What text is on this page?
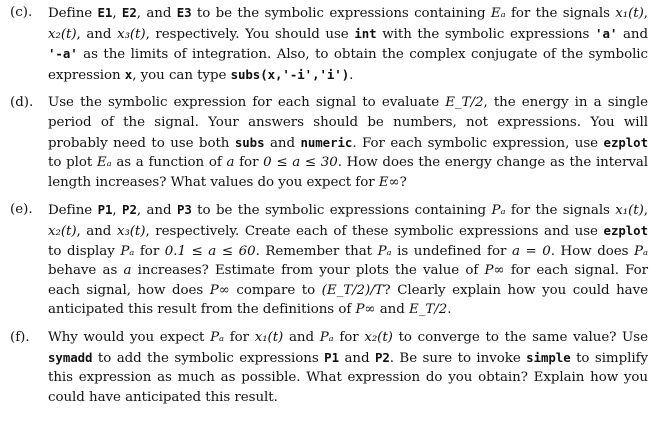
(c).	Define E1, E2, and E3 to be the symbolic expressions containing Eₐ for the signals x₁(t), x₂(t), and x₃(t), respectively. You should use int with the symbolic expressions 'a' and '-a' as the limits of integration. Also, to obtain the complex conjugate of the symbolic expression x, you can type subs(x,'-i','i').
(d).	Use the symbolic expression for each signal to evaluate E_T/2, the energy in a single period of the signal. Your answers should be numbers, not expressions. You will probably need to use both subs and numeric. For each symbolic expression, use ezplot to plot Eₐ as a function of a for 0 ≤ a ≤ 30. How does the energy change as the interval length increases? What values do you expect for E∞?
(e).	Define P1, P2, and P3 to be the symbolic expressions containing Pₐ for the signals x₁(t), x₂(t), and x₃(t), respectively. Create each of these symbolic expressions and use ezplot to display Pₐ for 0.1 ≤ a ≤ 60. Remember that Pₐ is undefined for a = 0. How does Pₐ behave as a increases? Estimate from your plots the value of P∞ for each signal. For each signal, how does P∞ compare to (E_T/2)/T? Clearly explain how you could have anticipated this result from the definitions of P∞ and E_T/2.
(f).	Why would you expect Pₐ for x₁(t) and Pₐ for x₂(t) to converge to the same value? Use symadd to add the symbolic expressions P1 and P2. Be sure to invoke simple to simplify this expression as much as possible. What expression do you obtain? Explain how you could have anticipated this result.
